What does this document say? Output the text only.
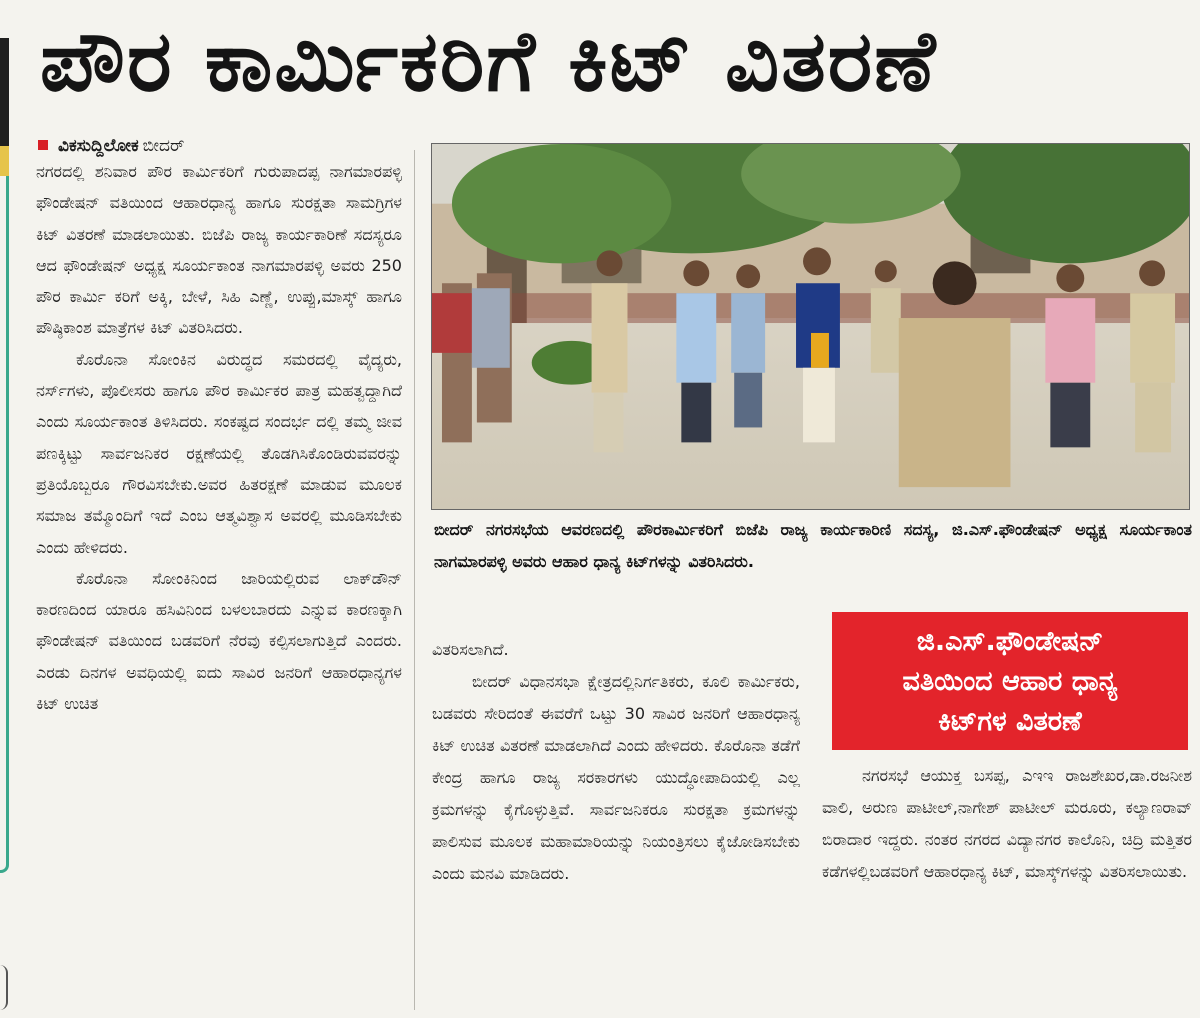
ಪೌರ ಕಾರ್ಮಿಕರಿಗೆ ಕಿಟ್ ವಿತರಣೆ
ವಿಕಸುದ್ದಿಲೋಕ ಬೀದರ್

ನಗರದಲ್ಲಿ ಶನಿವಾರ ಪೌರ ಕಾರ್ಮಿಕರಿಗೆ ಗುರುಪಾದಪ್ಪ ನಾಗಮಾರಪಳ್ಳಿ ಫೌಂಡೇಷನ್ ವತಿಯಿಂದ ಆಹಾರಧಾನ್ಯ ಹಾಗೂ ಸುರಕ್ಷತಾ ಸಾಮಗ್ರಿಗಳ ಕಿಟ್ ವಿತರಣೆ ಮಾಡಲಾಯಿತು. ಬಿಜೆಪಿ ರಾಜ್ಯ ಕಾರ್ಯಕಾರಿಣೆ ಸದಸ್ಯರೂ ಆದ ಫೌಂಡೇಷನ್ ಅಧ್ಯಕ್ಷ ಸೂರ್ಯಕಾಂತ ನಾಗಮಾರಪಳ್ಳಿ ಅವರು 250 ಪೌರ ಕಾರ್ಮಿ ಕರಿಗೆ ಅಕ್ಕಿ, ಬೇಳೆ, ಸಿಹಿ ಎಣ್ಣೆ, ಉಪ್ಪು,ಮಾಸ್ಕ್ ಹಾಗೂ ಪೌಷ್ಠಿಕಾಂಶ ಮಾತ್ರೆಗಳ ಕಿಟ್ ವಿತರಿಸಿದರು.

ಕೊರೊನಾ ಸೋಂಕಿನ ವಿರುದ್ಧದ ಸಮರದಲ್ಲಿ ವೈದ್ಯರು, ನರ್ಸ್‌ಗಳು, ಪೊಲೀಸರು ಹಾಗೂ ಪೌರ ಕಾರ್ಮಿಕರ ಪಾತ್ರ ಮಹತ್ವದ್ದಾಗಿದೆ ಎಂದು ಸೂರ್ಯಕಾಂತ ತಿಳಿಸಿದರು. ಸಂಕಷ್ಟದ ಸಂದರ್ಭ ದಲ್ಲಿ ತಮ್ಮ ಜೀವ ಪಣಕ್ಕಿಟ್ಟು ಸಾರ್ವಜನಿಕರ ರಕ್ಷಣೆಯಲ್ಲಿ ತೊಡಗಿಸಿಕೊಂಡಿರುವವರನ್ನು ಪ್ರತಿಯೊಬ್ಬರೂ ಗೌರವಿಸಬೇಕು.ಅವರ ಹಿತರಕ್ಷಣೆ ಮಾಡುವ ಮೂಲಕ ಸಮಾಜ ತಮ್ಮೊಂದಿಗೆ ಇದೆ ಎಂಬ ಆತ್ಮವಿಶ್ವಾಸ ಅವರಲ್ಲಿ ಮೂಡಿಸಬೇಕು ಎಂದು ಹೇಳಿದರು.

ಕೊರೊನಾ ಸೋಂಕಿನಿಂದ ಜಾರಿಯಲ್ಲಿರುವ ಲಾಕ್‌ಡೌನ್ ಕಾರಣದಿಂದ ಯಾರೂ ಹಸಿವಿನಿಂದ ಬಳಲಬಾರದು ಎನ್ನುವ ಕಾರಣಕ್ಕಾಗಿ ಫೌಂಡೇಷನ್ ವತಿಯಿಂದ ಬಡವರಿಗೆ ನೆರವು ಕಲ್ಪಿಸಲಾಗುತ್ತಿದೆ ಎಂದರು. ಎರಡು ದಿನಗಳ ಅವಧಿಯಲ್ಲಿ ಐದು ಸಾವಿರ ಜನರಿಗೆ ಆಹಾರಧಾನ್ಯಗಳ ಕಿಟ್ ಉಚಿತ

ಬೀದರ್ ನಗರಸಭೆಯ ಆವರಣದಲ್ಲಿ ಪೌರಕಾರ್ಮಿಕರಿಗೆ ಬಿಜೆಪಿ ರಾಜ್ಯ ಕಾರ್ಯಕಾರಿಣಿ ಸದಸ್ಯ, ಜಿ.ಎಸ್.ಫೌಂಡೇಷನ್ ಅಧ್ಯಕ್ಷ ಸೂರ್ಯಕಾಂತ ನಾಗಮಾರಪಳ್ಳಿ ಅವರು ಆಹಾರ ಧಾನ್ಯ ಕಿಟ್‌ಗಳನ್ನು ವಿತರಿಸಿದರು.

ವಿತರಿಸಲಾಗಿದೆ.

ಬೀದರ್ ವಿಧಾನಸಭಾ ಕ್ಷೇತ್ರದಲ್ಲಿನಿರ್ಗತಿಕರು, ಕೂಲಿ ಕಾರ್ಮಿಕರು, ಬಡವರು ಸೇರಿದಂತೆ ಈವರೆಗೆ ಒಟ್ಟು 30 ಸಾವಿರ ಜನರಿಗೆ ಆಹಾರಧಾನ್ಯ ಕಿಟ್ ಉಚಿತ ವಿತರಣೆ ಮಾಡಲಾಗಿದೆ ಎಂದು ಹೇಳಿದರು. ಕೊರೊನಾ ತಡೆಗೆ ಕೇಂದ್ರ ಹಾಗೂ ರಾಜ್ಯ ಸರಕಾರಗಳು ಯುದ್ಧೋಪಾದಿಯಲ್ಲಿ ಎಲ್ಲ ಕ್ರಮಗಳನ್ನು ಕೈಗೊಳ್ಳುತ್ತಿವೆ. ಸಾರ್ವಜನಿಕರೂ ಸುರಕ್ಷತಾ ಕ್ರಮಗಳನ್ನು ಪಾಲಿಸುವ ಮೂಲಕ ಮಹಾಮಾರಿಯನ್ನು ನಿಯಂತ್ರಿಸಲು ಕೈಜೋಡಿಸಬೇಕು ಎಂದು ಮನವಿ ಮಾಡಿದರು.

ಜಿ.ಎಸ್.ಫೌಂಡೇಷನ್
ವತಿಯಿಂದ ಆಹಾರ ಧಾನ್ಯ
ಕಿಟ್‌ಗಳ ವಿತರಣೆ

ನಗರಸಭೆ ಆಯುಕ್ತ ಬಸಪ್ಪ, ಎಇಇ ರಾಜಶೇಖರ,ಡಾ.ರಜನೀಶ ವಾಲಿ, ಅರುಣ ಪಾಟೀಲ್,ನಾಗೇಶ್ ಪಾಟೀಲ್ ಮರೂರು, ಕಲ್ಯಾಣರಾವ್ ಬಿರಾದಾರ ಇದ್ದರು. ನಂತರ ನಗರದ ವಿದ್ಯಾನಗರ ಕಾಲೊನಿ, ಚಿದ್ರಿ ಮತ್ತಿತರ ಕಡೆಗಳಲ್ಲಿಬಡವರಿಗೆ ಆಹಾರಧಾನ್ಯ ಕಿಟ್, ಮಾಸ್ಕ್‌ಗಳನ್ನು ವಿತರಿಸಲಾಯಿತು.
